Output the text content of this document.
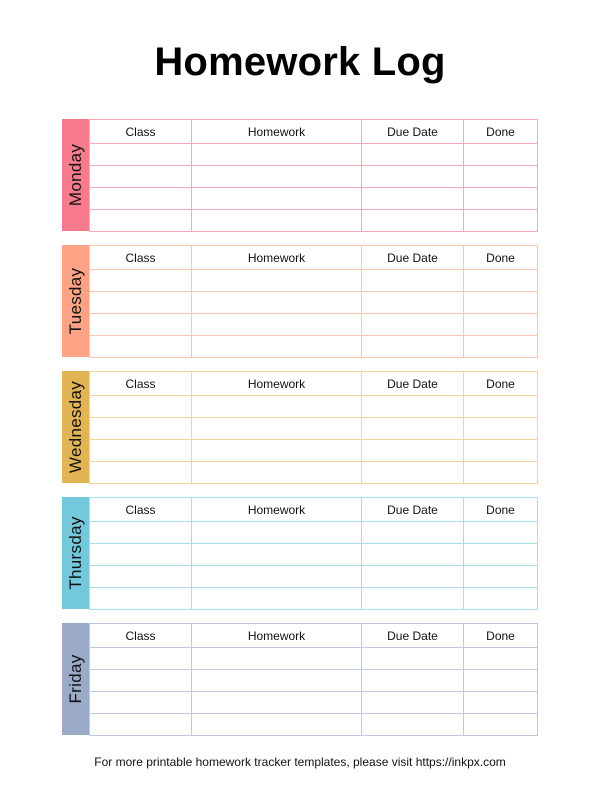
Homework Log
Monday
Class	Homework	Due Date	Done

Tuesday
Class	Homework	Due Date	Done

Wednesday	Class	Homework	Due Date	Done

Thursday
Class	Homework	Due Date	Done

Friday
Class	Homework	Due Date	Done

For more printable homework tracker templates, please visit https://inkpx.com
